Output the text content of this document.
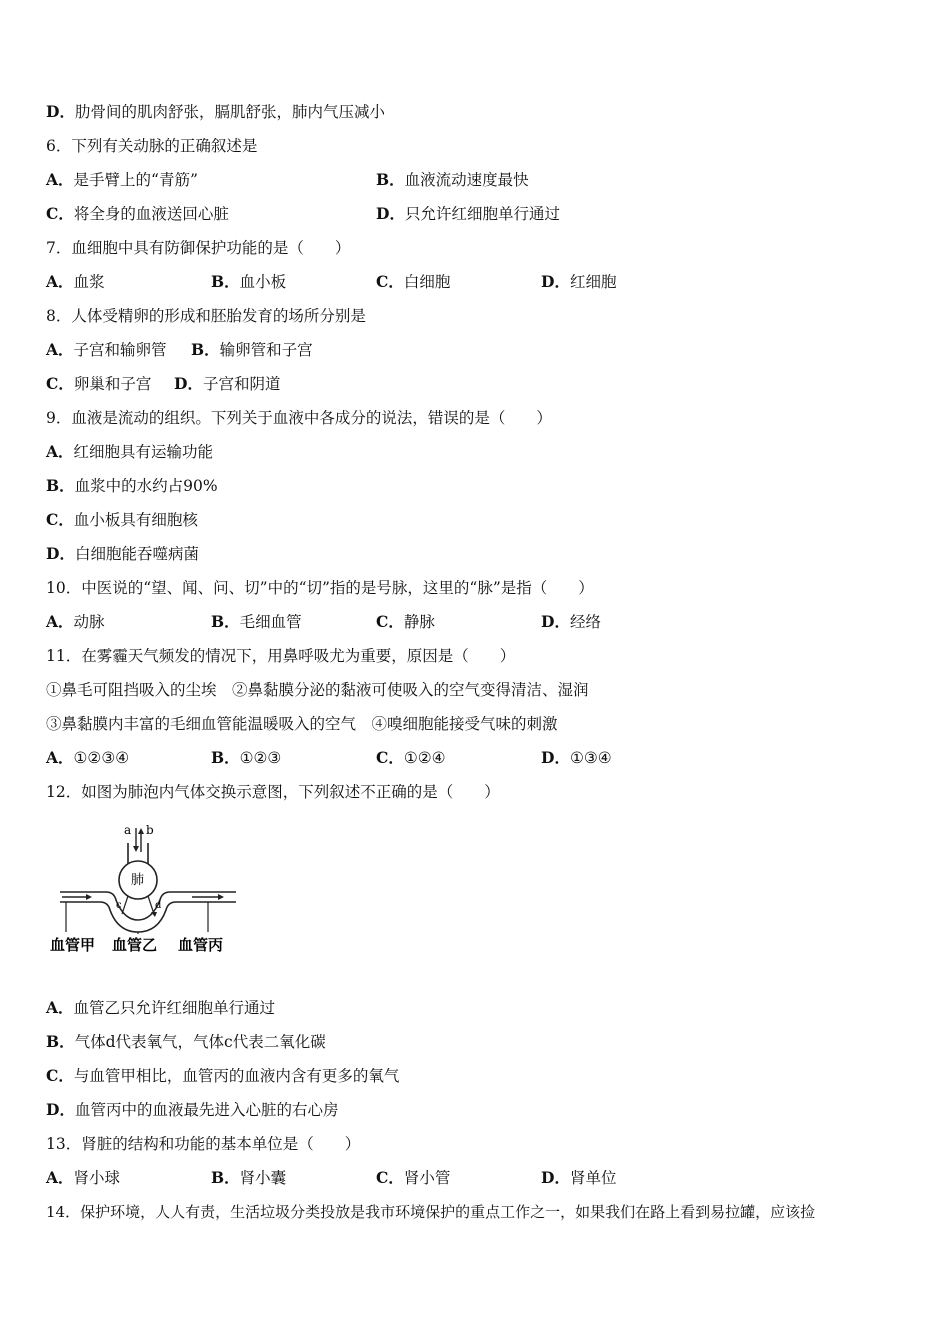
D．肋骨间的肌肉舒张，膈肌舒张，肺内气压减小
6．下列有关动脉的正确叙述是
A．是手臂上的“青筋”	B．血液流动速度最快
C．将全身的血液送回心脏	D．只允许红细胞单行通过
7．血细胞中具有防御保护功能的是（　　）
A．血浆	B．血小板	C．白细胞	D．红细胞
8．人体受精卵的形成和胚胎发育的场所分别是
A．子宫和输卵管 B．输卵管和子宫
C．卵巢和子宫 D．子宫和阴道
9．血液是流动的组织。下列关于血液中各成分的说法，错误的是（　　）
A．红细胞具有运输功能
B．血浆中的水约占90%
C．血小板具有细胞核
D．白细胞能吞噬病菌
10．中医说的“望、闻、问、切”中的“切”指的是号脉，这里的“脉”是指（　　）
A．动脉	B．毛细血管	C．静脉	D．经络
11．在雾霾天气频发的情况下，用鼻呼吸尤为重要，原因是（　　）
①鼻毛可阻挡吸入的尘埃　②鼻黏膜分泌的黏液可使吸入的空气变得清洁、湿润
③鼻黏膜内丰富的毛细血管能温暖吸入的空气　④嗅细胞能接受气味的刺激
A．①②③④	B．①②③	C．①②④	D．①③④
12．如图为肺泡内气体交换示意图，下列叙述不正确的是（　　）
a b
肺
c	d
血管甲 血管乙 血管丙
A．血管乙只允许红细胞单行通过
B．气体d代表氧气，气体c代表二氧化碳
C．与血管甲相比，血管丙的血液内含有更多的氧气
D．血管丙中的血液最先进入心脏的右心房
13．肾脏的结构和功能的基本单位是（　　）
A．肾小球	B．肾小囊	C．肾小管	D．肾单位
14．保护环境，人人有责，生活垃圾分类投放是我市环境保护的重点工作之一，如果我们在路上看到易拉罐，应该捡
